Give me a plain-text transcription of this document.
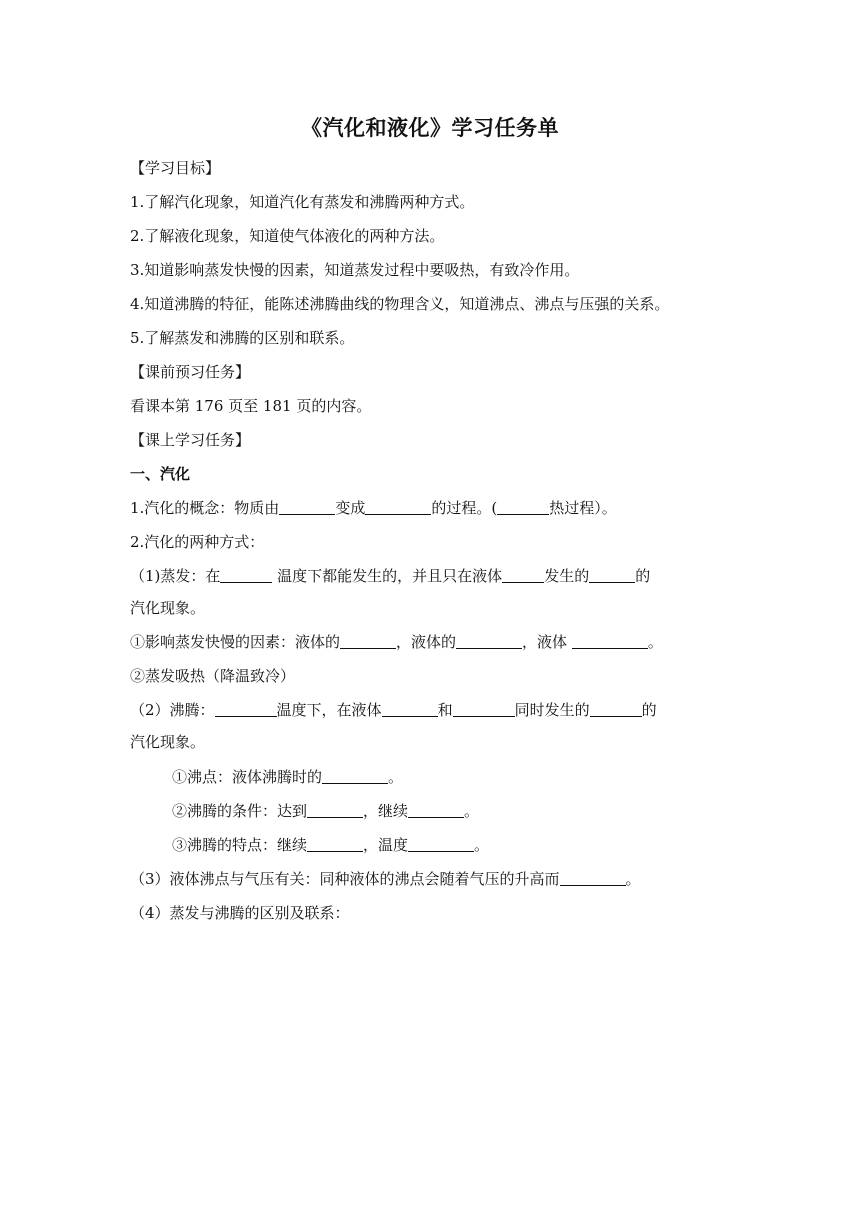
《汽化和液化》学习任务单
【学习目标】
1.了解汽化现象，知道汽化有蒸发和沸腾两种方式。
2.了解液化现象，知道使气体液化的两种方法。
3.知道影响蒸发快慢的因素，知道蒸发过程中要吸热，有致冷作用。
4.知道沸腾的特征，能陈述沸腾曲线的物理含义，知道沸点、沸点与压强的关系。
5.了解蒸发和沸腾的区别和联系。
【课前预习任务】
看课本第 176 页至 181 页的内容。
【课上学习任务】
一、汽化
1.汽化的概念：物质由	变成	的过程。(	热过程）。
2.汽化的两种方式：
（1)蒸发：在	温度下都能发生的，并且只在液体	发生的	的
汽化现象。
①影响蒸发快慢的因素：液体的	，液体的	，液体	。
②蒸发吸热（降温致冷）
（2）沸腾：	温度下，在液体	和	同时发生的	的
汽化现象。
①沸点：液体沸腾时的	。
②沸腾的条件：达到	，继续	。
③沸腾的特点：继续	，温度	。
（3）液体沸点与气压有关：同种液体的沸点会随着气压的升高而	。
（4）蒸发与沸腾的区别及联系：
